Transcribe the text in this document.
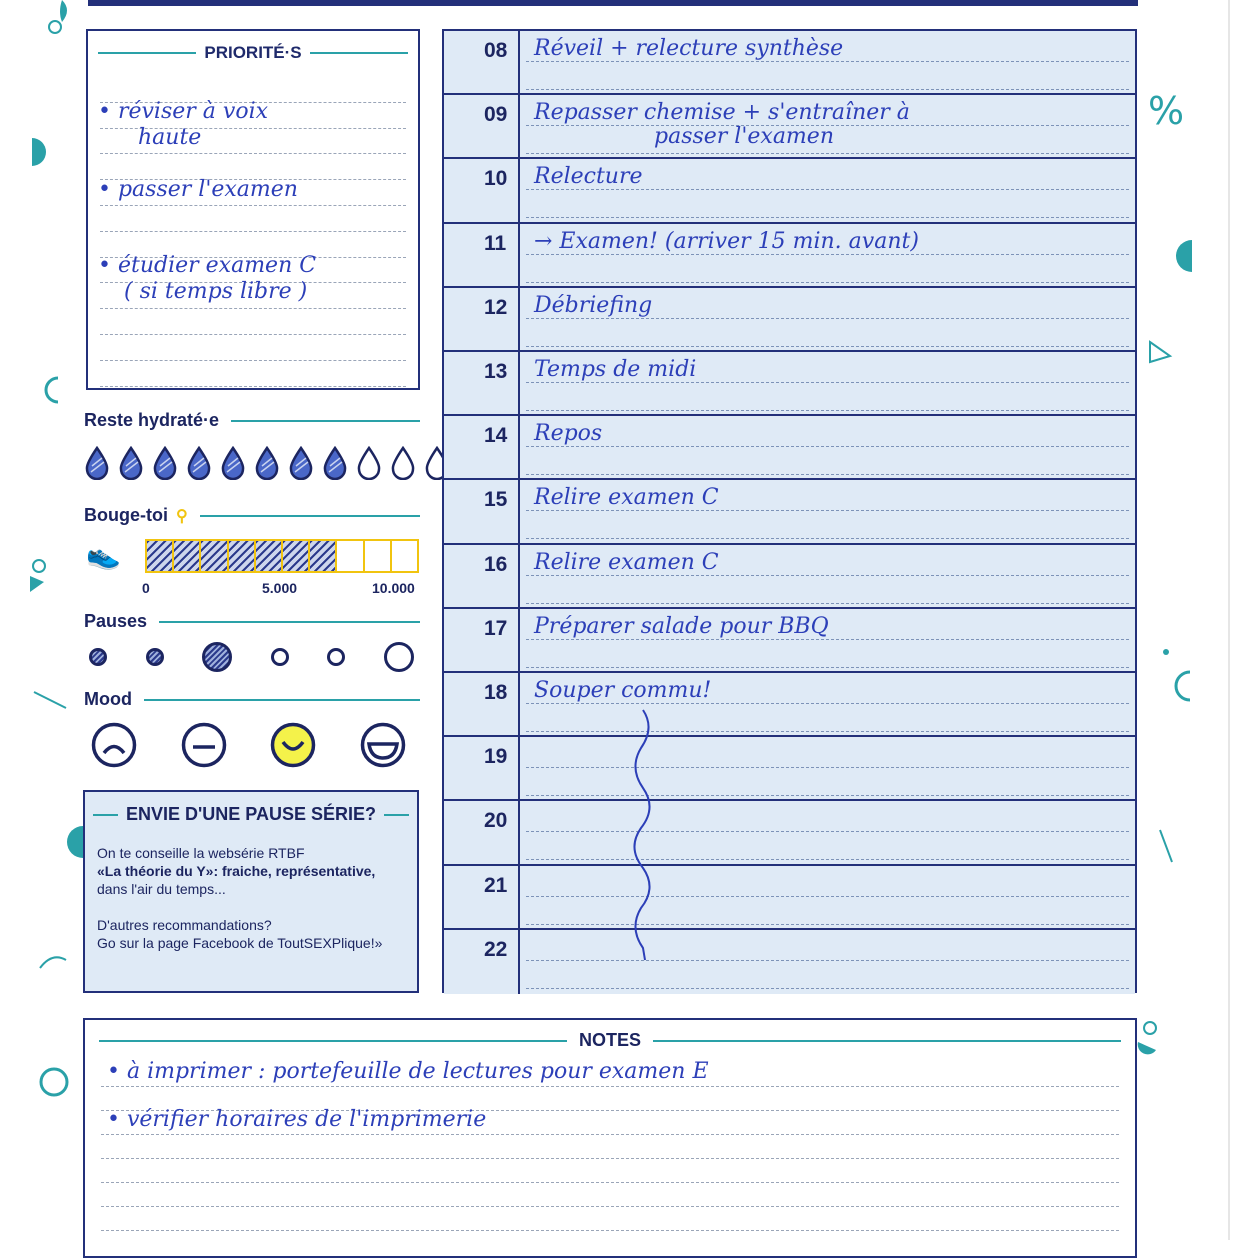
%
PRIORITÉ·S
• réviser à voix
haute
• passer l'examen
• étudier examen C
( si temps libre )
Reste hydraté·e
Bouge-toi ⚲
👟
0	5.000	10.000
Pauses
Mood
ENVIE D'UNE PAUSE SÉRIE?
On te conseille la websérie RTBF
«La théorie du Y»: fraiche, représentative,
dans l'air du temps...
D'autres recommandations?
Go sur la page Facebook de ToutSEXPlique!»
08	Réveil + relecture synthèse
09	Repasser chemise + s'entraîner à
passer l'examen
10	Relecture
11	→ Examen! (arriver 15 min. avant)
12	Débriefing
13	Temps de midi
14	Repos
15	Relire examen C
16	Relire examen C
17	Préparer salade pour BBQ
18	Souper commu!
19
20
21
22
NOTES
• à imprimer : portefeuille de lectures pour examen E
• vérifier horaires de l'imprimerie
